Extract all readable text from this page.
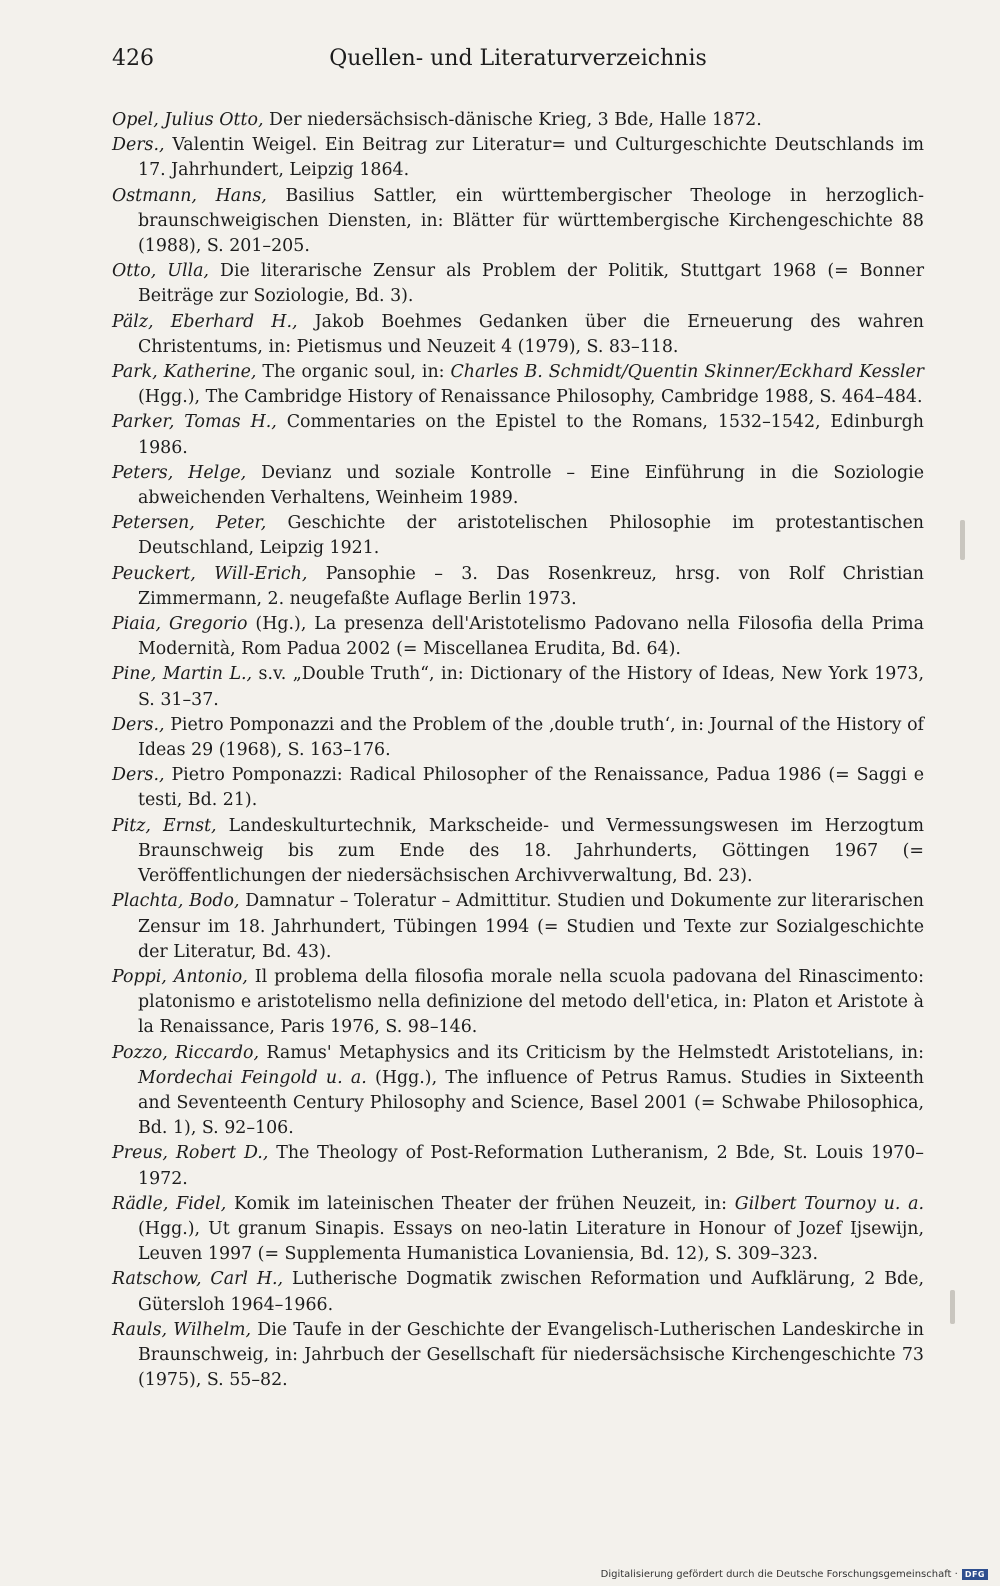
426	Quellen- und Literaturverzeichnis

Opel, Julius Otto, Der niedersächsisch-dänische Krieg, 3 Bde, Halle 1872.

Ders., Valentin Weigel. Ein Beitrag zur Literatur= und Culturgeschichte Deutschlands im 17. Jahrhundert, Leipzig 1864.

Ostmann, Hans, Basilius Sattler, ein württembergischer Theologe in herzoglich-braunschweigischen Diensten, in: Blätter für württembergische Kirchengeschichte 88 (1988), S. 201–205.

Otto, Ulla, Die literarische Zensur als Problem der Politik, Stuttgart 1968 (= Bonner Beiträge zur Soziologie, Bd. 3).

Pälz, Eberhard H., Jakob Boehmes Gedanken über die Erneuerung des wahren Christentums, in: Pietismus und Neuzeit 4 (1979), S. 83–118.

Park, Katherine, The organic soul, in: Charles B. Schmidt/Quentin Skinner/Eckhard Kessler (Hgg.), The Cambridge History of Renaissance Philosophy, Cambridge 1988, S. 464–484.

Parker, Tomas H., Commentaries on the Epistel to the Romans, 1532–1542, Edinburgh 1986.

Peters, Helge, Devianz und soziale Kontrolle – Eine Einführung in die Soziologie abweichenden Verhaltens, Weinheim 1989.

Petersen, Peter, Geschichte der aristotelischen Philosophie im protestantischen Deutschland, Leipzig 1921.

Peuckert, Will-Erich, Pansophie – 3. Das Rosenkreuz, hrsg. von Rolf Christian Zimmermann, 2. neugefaßte Auflage Berlin 1973.

Piaia, Gregorio (Hg.), La presenza dell'Aristotelismo Padovano nella Filosofia della Prima Modernità, Rom Padua 2002 (= Miscellanea Erudita, Bd. 64).

Pine, Martin L., s.v. „Double Truth“, in: Dictionary of the History of Ideas, New York 1973, S. 31–37.

Ders., Pietro Pomponazzi and the Problem of the ‚double truth‘, in: Journal of the History of Ideas 29 (1968), S. 163–176.

Ders., Pietro Pomponazzi: Radical Philosopher of the Renaissance, Padua 1986 (= Saggi e testi, Bd. 21).

Pitz, Ernst, Landeskulturtechnik, Markscheide- und Vermessungswesen im Herzogtum Braunschweig bis zum Ende des 18. Jahrhunderts, Göttingen 1967 (= Veröffentlichungen der niedersächsischen Archivverwaltung, Bd. 23).

Plachta, Bodo, Damnatur – Toleratur – Admittitur. Studien und Dokumente zur literarischen Zensur im 18. Jahrhundert, Tübingen 1994 (= Studien und Texte zur Sozialgeschichte der Literatur, Bd. 43).

Poppi, Antonio, Il problema della filosofia morale nella scuola padovana del Rinascimento: platonismo e aristotelismo nella definizione del metodo dell'etica, in: Platon et Aristote à la Renaissance, Paris 1976, S. 98–146.

Pozzo, Riccardo, Ramus' Metaphysics and its Criticism by the Helmstedt Aristotelians, in: Mordechai Feingold u. a. (Hgg.), The influence of Petrus Ramus. Studies in Sixteenth and Seventeenth Century Philosophy and Science, Basel 2001 (= Schwabe Philosophica, Bd. 1), S. 92–106.

Preus, Robert D., The Theology of Post-Reformation Lutheranism, 2 Bde, St. Louis 1970–1972.

Rädle, Fidel, Komik im lateinischen Theater der frühen Neuzeit, in: Gilbert Tournoy u. a. (Hgg.), Ut granum Sinapis. Essays on neo-latin Literature in Honour of Jozef Ijsewijn, Leuven 1997 (= Supplementa Humanistica Lovaniensia, Bd. 12), S. 309–323.

Ratschow, Carl H., Lutherische Dogmatik zwischen Reformation und Aufklärung, 2 Bde, Gütersloh 1964–1966.

Rauls, Wilhelm, Die Taufe in der Geschichte der Evangelisch-Lutherischen Landeskirche in Braunschweig, in: Jahrbuch der Gesellschaft für niedersächsische Kirchengeschichte 73 (1975), S. 55–82.

Digitalisierung gefördert durch die Deutsche Forschungsgemeinschaft · DFG
